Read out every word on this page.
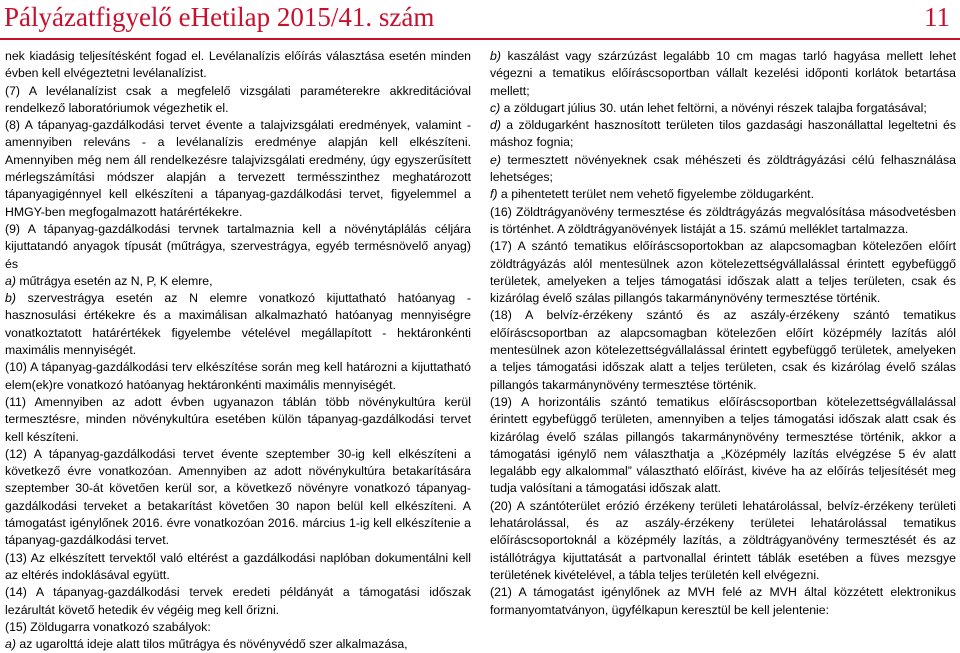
Pályázatfigyelő eHetilap 2015/41. szám	11

nek kiadásig teljesítésként fogad el. Levélanalízis előírás választása esetén minden évben kell elvégeztetni levélanalízist.

(7) A levélanalízist csak a megfelelő vizsgálati paraméterekre akkreditációval rendelkező laboratóriumok végezhetik el.

(8) A tápanyag-gazdálkodási tervet évente a talajvizsgálati eredmények, valamint - amennyiben releváns - a levélanalízis eredménye alapján kell elkészíteni. Amennyiben még nem áll rendelkezésre talajvizsgálati eredmény, úgy egyszerűsített mérlegszámítási módszer alapján a tervezett termésszinthez meghatározott tápanyagigénnyel kell elkészíteni a tápanyag-gazdálkodási tervet, figyelemmel a HMGY-ben megfogalmazott határértékekre.

(9) A tápanyag-gazdálkodási tervnek tartalmaznia kell a növénytáplálás céljára kijuttatandó anyagok típusát (műtrágya, szervestrágya, egyéb termésnövelő anyag) és

a) műtrágya esetén az N, P, K elemre,

b) szervestrágya esetén az N elemre vonatkozó kijuttatható hatóanyag - hasznosulási értékekre és a maximálisan alkalmazható hatóanyag mennyiségre vonatkoztatott határértékek figyelembe vételével megállapított - hektáronkénti maximális mennyiségét.

(10) A tápanyag-gazdálkodási terv elkészítése során meg kell határozni a kijuttatható elem(ek)re vonatkozó hatóanyag hektáronkénti maximális mennyiségét.

(11) Amennyiben az adott évben ugyanazon táblán több növénykultúra kerül termesztésre, minden növénykultúra esetében külön tápanyag-gazdálkodási tervet kell készíteni.

(12) A tápanyag-gazdálkodási tervet évente szeptember 30-ig kell elkészíteni a következő évre vonatkozóan. Amennyiben az adott növénykultúra betakarítására szeptember 30-át követően kerül sor, a következő növényre vonatkozó tápanyag-gazdálkodási terveket a betakarítást követően 30 napon belül kell elkészíteni. A támogatást igénylőnek 2016. évre vonatkozóan 2016. március 1-ig kell elkészítenie a tápanyag-gazdálkodási tervet.

(13) Az elkészített tervektől való eltérést a gazdálkodási naplóban dokumentálni kell az eltérés indoklásával együtt.

(14) A tápanyag-gazdálkodási tervek eredeti példányát a támogatási időszak lezárultát követő hetedik év végéig meg kell őrizni.

(15) Zöldugarra vonatkozó szabályok:

a) az ugarolttá ideje alatt tilos műtrágya és növényvédő szer alkalmazása,

b) kaszálást vagy szárzúzást legalább 10 cm magas tarló hagyása mellett lehet végezni a tematikus előíráscsoportban vállalt kezelési időponti korlátok betartása mellett;

c) a zöldugart július 30. után lehet feltörni, a növényi részek talajba forgatásával;

d) a zöldugarként hasznosított területen tilos gazdasági haszonállattal legeltetni és máshoz fognia;

e) termesztett növényeknek csak méhészeti és zöldtrágyázási célú felhasználása lehetséges;

f) a pihentetett terület nem vehető figyelembe zöldugarként.

(16) Zöldtrágyanövény termesztése és zöldtrágyázás megvalósítása másodvetésben is történhet. A zöldtrágyanövények listáját a 15. számú melléklet tartalmazza.

(17) A szántó tematikus előíráscsoportokban az alapcsomagban kötelezően előírt zöldtrágyázás alól mentesülnek azon kötelezettségvállalással érintett egybefüggő területek, amelyeken a teljes támogatási időszak alatt a teljes területen, csak és kizárólag évelő szálas pillangós takarmánynövény termesztése történik.

(18) A belvíz-érzékeny szántó és az aszály-érzékeny szántó tematikus előíráscsoportban az alapcsomagban kötelezően előírt középmély lazítás alól mentesülnek azon kötelezettségvállalással érintett egybefüggő területek, amelyeken a teljes támogatási időszak alatt a teljes területen, csak és kizárólag évelő szálas pillangós takarmánynövény termesztése történik.

(19) A horizontális szántó tematikus előíráscsoportban kötelezettségvállalással érintett egybefüggő területen, amennyiben a teljes támogatási időszak alatt csak és kizárólag évelő szálas pillangós takarmánynövény termesztése történik, akkor a támogatási igénylő nem választhatja a „Középmély lazítás elvégzése 5 év alatt legalább egy alkalommal” választható előírást, kivéve ha az előírás teljesítését meg tudja valósítani a támogatási időszak alatt.

(20) A szántóterület erózió érzékeny területi lehatárolással, belvíz-érzékeny területi lehatárolással, és az aszály-érzékeny területei lehatárolással tematikus előíráscsoportoknál a középmély lazítás, a zöldtrágyanövény termesztését és az istállótrágya kijuttatását a partvonallal érintett táblák esetében a füves mezsgye területének kivételével, a tábla teljes területén kell elvégezni.

(21) A támogatást igénylőnek az MVH felé az MVH által közzétett elektronikus formanyomtatványon, ügyfélkapun keresztül be kell jelentenie:
